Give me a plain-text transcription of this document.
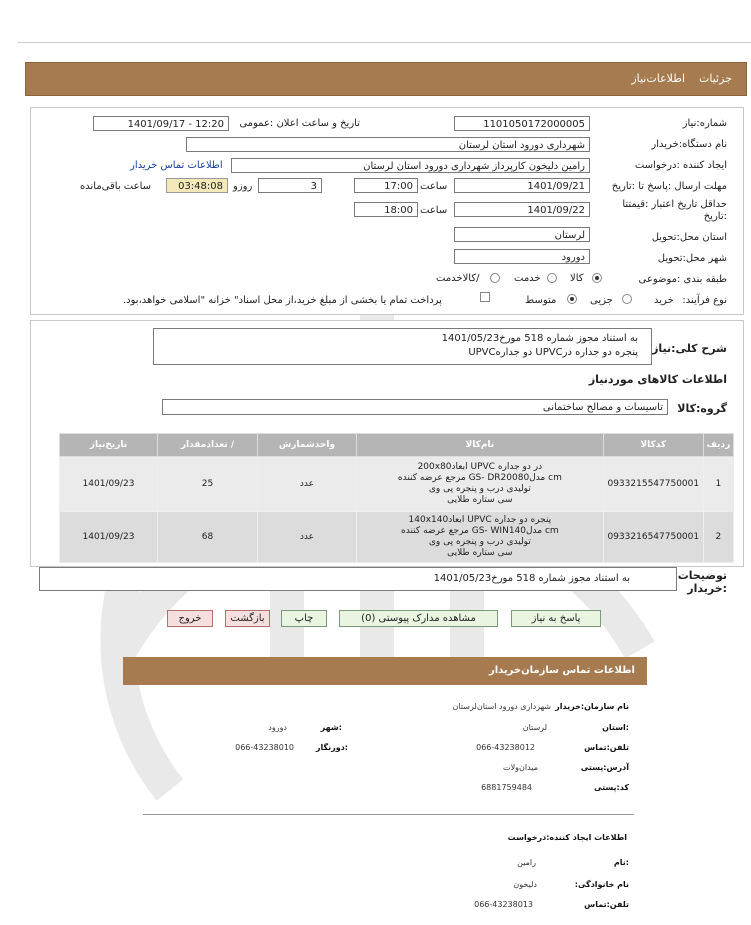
جزئیات    اطلاعات‌نیاز
شماره:نیاز
1101050172000005
تاریخ و ساعت اعلان :عمومی
1401/09/17 - 12:20
نام دستگاه:خریدار
شهرداری دورود استان لرستان
ایجاد کننده :درخواست
رامین دلیخون کارپرداز شهرداری دورود استان لرستان
اطلاعات تماس خریدار
مهلت ارسال :پاسخ تا :تاریخ
1401/09/21
ساعت
17:00
3
روزو
03:48:08
ساعت باقی‌مانده
حداقل تاریخ اعتبار :قیمتتا
:تاریخ
1401/09/22
ساعت
18:00
استان محل:تحویل
لرستان
شهر محل:تحویل
دورود
طبقه بندی :موضوعی
کالا
خدمت
/کالاخدمت
نوع فرآیند:
خرید
جزیی
متوسط
پرداخت تمام یا بخشی از مبلغ خرید،از محل اسناد" خزانه "اسلامی خواهد،بود.
شرح کلی:نیاز
به استناد مجوز شماره 518 مورخ1401/05/23
پنجره دو جداره درUPVC دو جدارهUPVC
اطلاعات کالاهای موردنیاز
گروه:کالا
تاسیسات و مصالح ساختمانی
ردیف	کدکالا	نام‌کالا	واحدشمارش	/ تعدادمقدار	تاریخ‌نیاز
1	0933215547750001	در دو جداره UPVC ابعاد200x80
cm مدلGS- DR20080 مرجع عرضه کننده
تولیدی درب و پنجره پی وی
سی ستاره طلایی	عدد	25	1401/09/23
2	0933216547750001	پنجره دو جداره UPVC ابعاد140x140
cm مدلGS- WIN140 مرجع عرضه کننده
تولیدی درب و پنجره پی وی
سی ستاره طلایی	عدد	68	1401/09/23
توضیحات
:خریدار
به استناد مجوز شماره 518 مورخ1401/05/23
پاسخ به نیاز
مشاهده مدارک پیوستی (0)
چاپ
بازگشت
خروج
اطلاعات تماس سازمان‌خریدار
نام سازمان:خریدار
شهرداری دورود استان‌لرستان
:استان
لرستان
:شهر
دورود
تلفن:تماس
066-43238012
:دورنگار
066-43238010
آدرس:پستی
میدان‌ولات
کد:پستی
6881759484
اطلاعات ایجاد کننده:درخواست
:نام
رامین
نام خانوادگی:
دلیخون
تلفن:تماس
066-43238013
